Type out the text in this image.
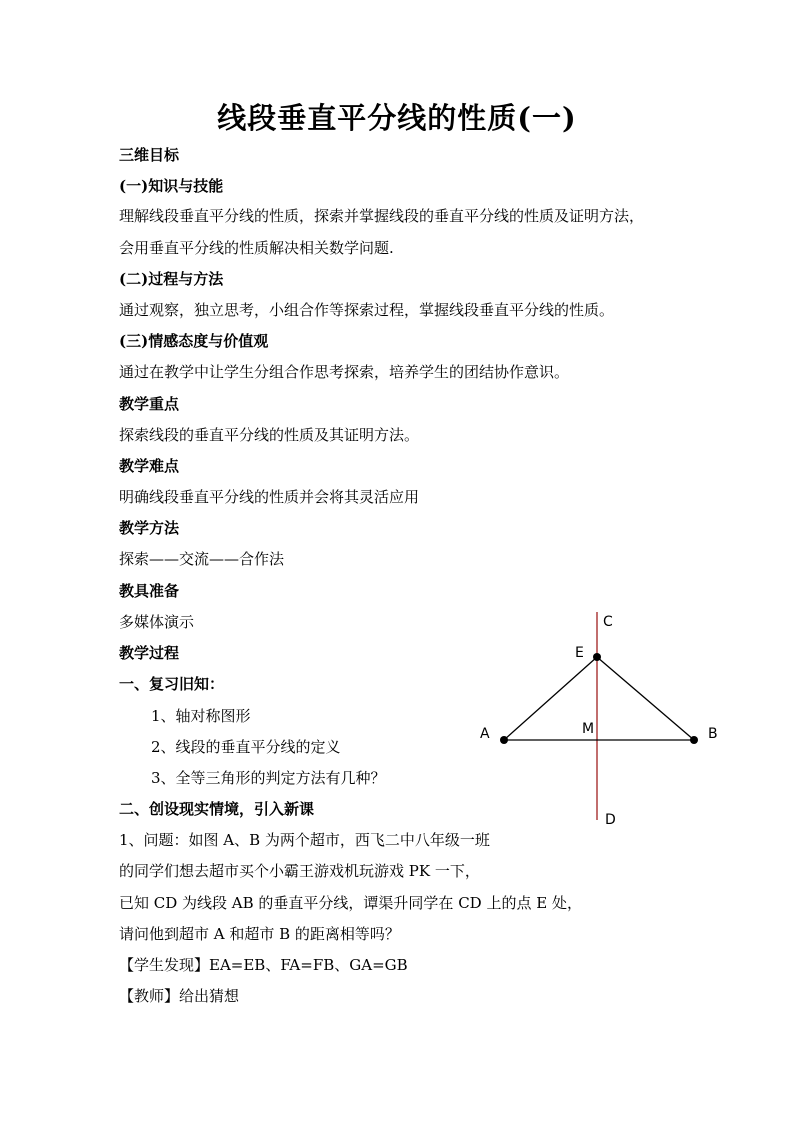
线段垂直平分线的性质(一)

三维目标

(一)知识与技能

理解线段垂直平分线的性质，探索并掌握线段的垂直平分线的性质及证明方法，

会用垂直平分线的性质解决相关数学问题.

(二)过程与方法

通过观察，独立思考，小组合作等探索过程，掌握线段垂直平分线的性质。

(三)情感态度与价值观

通过在教学中让学生分组合作思考探索，培养学生的团结协作意识。

教学重点

探索线段的垂直平分线的性质及其证明方法。

教学难点

明确线段垂直平分线的性质并会将其灵活应用

教学方法

探索——交流——合作法

教具准备

多媒体演示

教学过程

一、复习旧知：

1、轴对称图形

2、线段的垂直平分线的定义

3、全等三角形的判定方法有几种？

二、创设现实情境，引入新课

1、问题：如图 A、B 为两个超市，西飞二中八年级一班

的同学们想去超市买个小霸王游戏机玩游戏 PK 一下，

已知 CD 为线段 AB 的垂直平分线，谭渠升同学在 CD 上的点 E 处，

请问他到超市 A 和超市 B 的距离相等吗？

【学生发现】EA=EB、FA=FB、GA=GB

【教师】给出猜想

C
E
A	M	B
D
